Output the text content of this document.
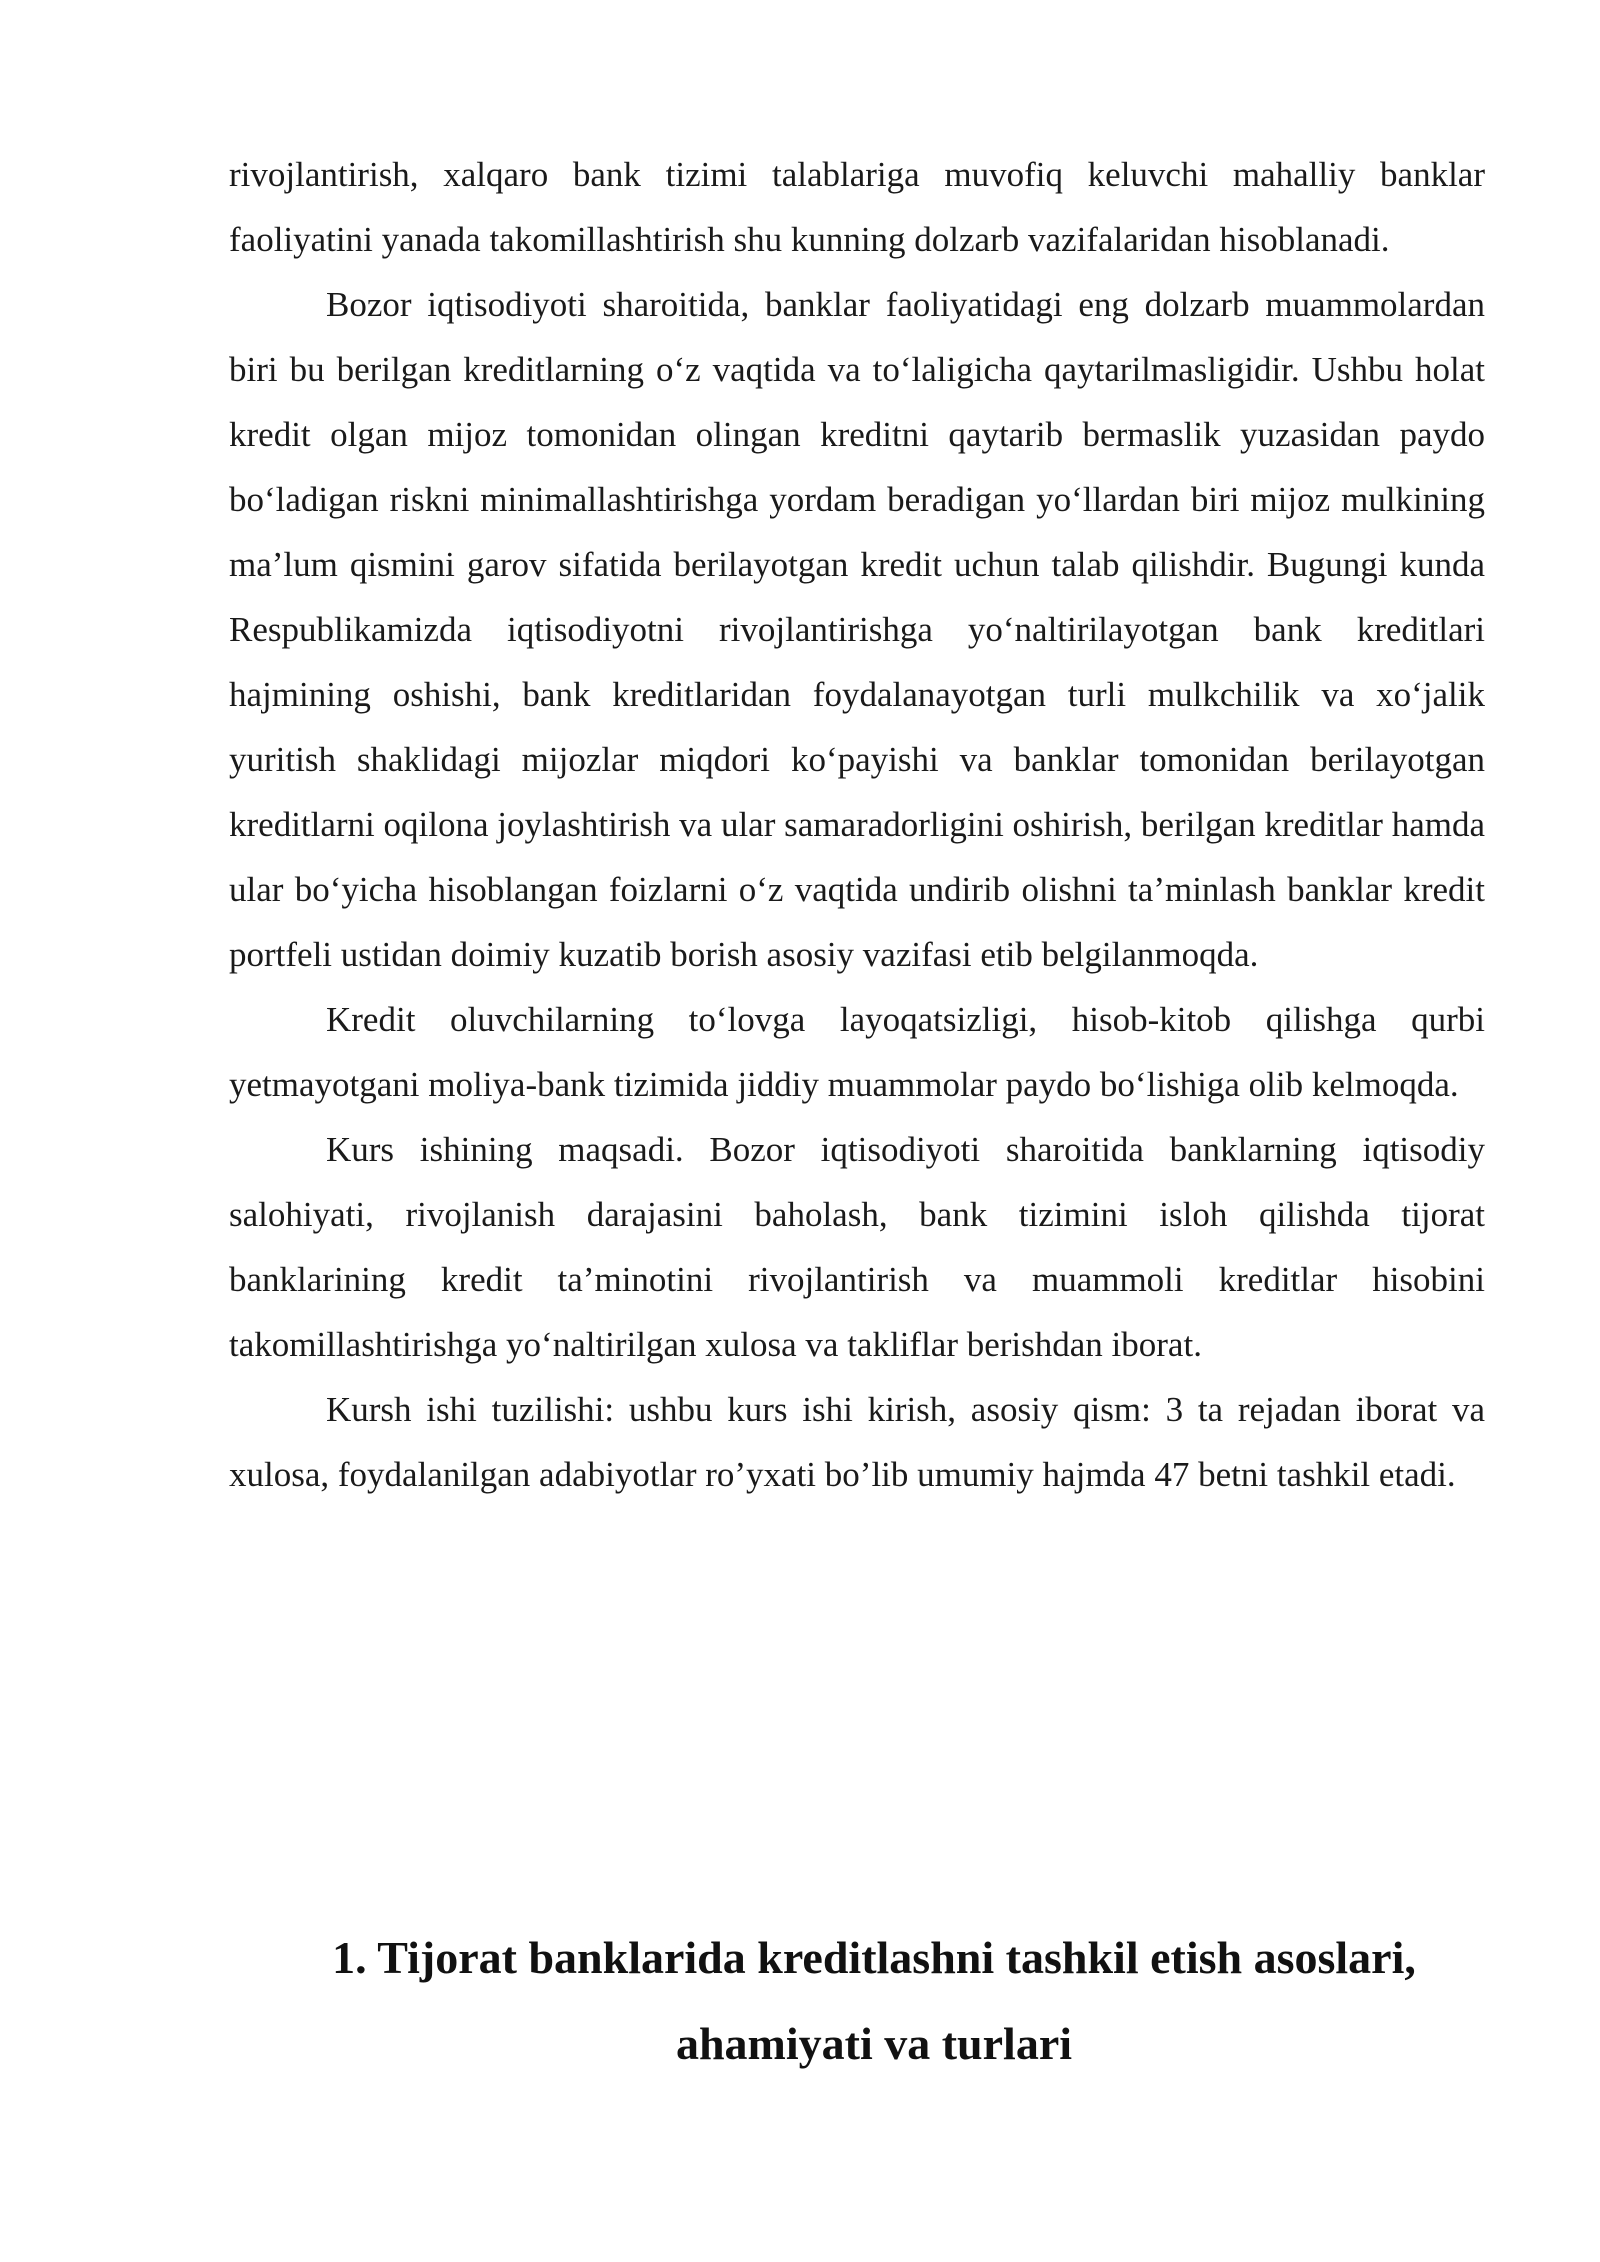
rivojlantirish, xalqaro bank tizimi talablariga muvofiq keluvchi mahalliy banklar faoliyatini yanada takomillashtirish shu kunning dolzarb vazifalaridan hisoblanadi.

Bozor iqtisodiyoti sharoitida, banklar faoliyatidagi eng dolzarb muammolardan biri bu berilgan kreditlarning o‘z vaqtida va to‘laligicha qaytarilmasligidir. Ushbu holat kredit olgan mijoz tomonidan olingan kreditni qaytarib bermaslik yuzasidan paydo bo‘ladigan riskni minimallashtirishga yordam beradigan yo‘llardan biri mijoz mulkining ma’lum qismini garov sifatida berilayotgan kredit uchun talab qilishdir. Bugungi kunda Respublikamizda iqtisodiyotni rivojlantirishga yo‘naltirilayotgan bank kreditlari hajmining oshishi, bank kreditlaridan foydalanayotgan turli mulkchilik va xo‘jalik yuritish shaklidagi mijozlar miqdori ko‘payishi va banklar tomonidan berilayotgan kreditlarni oqilona joylashtirish va ular samaradorligini oshirish, berilgan kreditlar hamda ular bo‘yicha hisoblangan foizlarni o‘z vaqtida undirib olishni ta’minlash banklar kredit portfeli ustidan doimiy kuzatib borish asosiy vazifasi etib belgilanmoqda.

Kredit oluvchilarning to‘lovga layoqatsizligi, hisob-kitob qilishga qurbi yetmayotgani moliya-bank tizimida jiddiy muammolar paydo bo‘lishiga olib kelmoqda.

Kurs ishining maqsadi. Bozor iqtisodiyoti sharoitida banklarning iqtisodiy salohiyati, rivojlanish darajasini baholash, bank tizimini isloh qilishda tijorat banklarining kredit ta’minotini rivojlantirish va muammoli kreditlar hisobini takomillashtirishga yo‘naltirilgan xulosa va takliflar berishdan iborat.

Kursh ishi tuzilishi: ushbu kurs ishi kirish, asosiy qism: 3 ta rejadan iborat va xulosa, foydalanilgan adabiyotlar ro’yxati bo’lib umumiy hajmda 47 betni tashkil etadi.

1. Tijorat banklarida kreditlashni tashkil etish asoslari,
ahamiyati va turlari
